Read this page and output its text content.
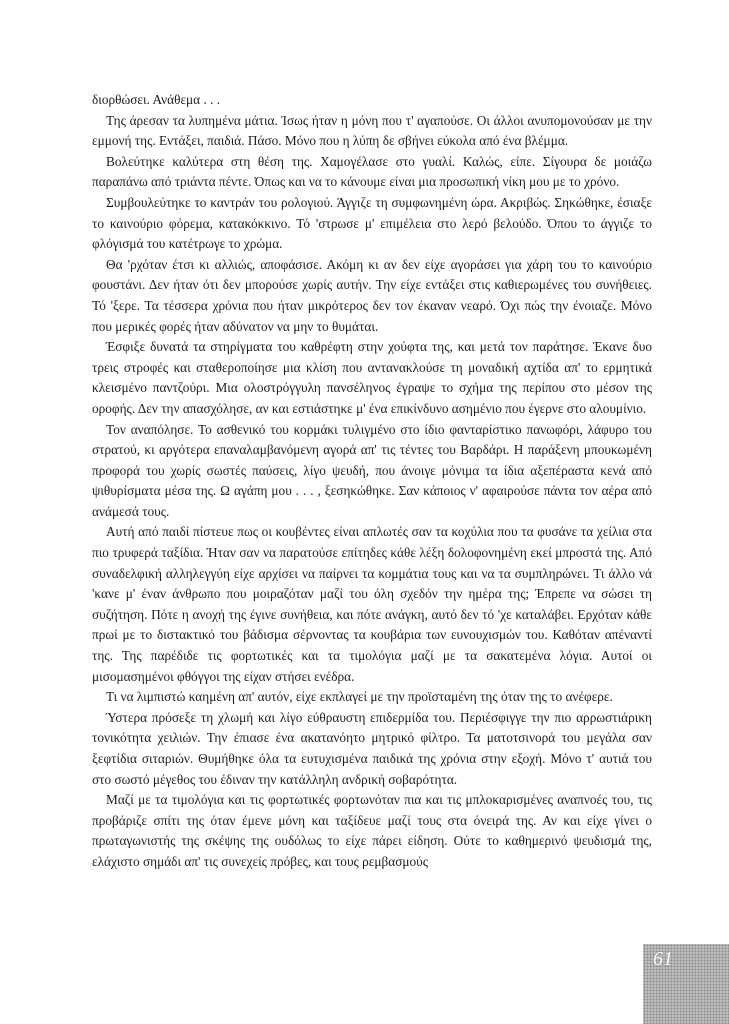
διορθώσει. Ανάθεμα . . .

Της άρεσαν τα λυπημένα μάτια. Ίσως ήταν η μόνη που τ' αγαπούσε. Οι άλλοι ανυπομονούσαν με την εμμονή της. Εντάξει, παιδιά. Πάσο. Μόνο που η λύπη δε σβήνει εύκολα από ένα βλέμμα.

Βολεύτηκε καλύτερα στη θέση της. Χαμογέλασε στο γυαλί. Καλώς, είπε. Σίγουρα δε μοιάζω παραπάνω από τριάντα πέντε. Όπως και να το κάνουμε είναι μια προσωπική νίκη μου με το χρόνο.

Συμβουλεύτηκε το καντράν του ρολογιού. Άγγιζε τη συμφωνημένη ώρα. Ακριβώς. Σηκώθηκε, έσιαξε το καινούριο φόρεμα, κατακόκκινο. Τό 'στρωσε μ' επιμέλεια στο λερό βελούδο. Όπου το άγγιζε το φλόγισμά του κατέτρωγε το χρώμα.

Θα 'ρχόταν έτσι κι αλλιώς, αποφάσισε. Ακόμη κι αν δεν είχε αγοράσει για χάρη του το καινούριο φουστάνι. Δεν ήταν ότι δεν μπορούσε χωρίς αυτήν. Την είχε εντάξει στις καθιερωμένες του συνήθειες. Τό 'ξερε. Τα τέσσερα χρόνια που ήταν μικρότερος δεν τον έκαναν νεαρό. Όχι πώς την ένοιαζε. Μόνο που μερικές φορές ήταν αδύνατον να μην το θυμάται.

Έσφιξε δυνατά τα στηρίγματα του καθρέφτη στην χούφτα της, και μετά τον παράτησε. Έκανε δυο τρεις στροφές και σταθεροποίησε μια κλίση που αντανακλούσε τη μοναδική αχτίδα απ' το ερμητικά κλεισμένο παντζούρι. Μια ολοστρόγγυλη πανσέληνος έγραψε το σχήμα της περίπου στο μέσον της οροφής. Δεν την απασχόλησε, αν και εστιάστηκε μ' ένα επικίνδυνο ασημένιο που έγερνε στο αλουμίνιο.

Τον αναπόλησε. Το ασθενικό του κορμάκι τυλιγμένο στο ίδιο φανταρίστικο πανωφόρι, λάφυρο του στρατού, κι αργότερα επαναλαμβανόμενη αγορά απ' τις τέντες του Βαρδάρι. Η παράξενη μπουκωμένη προφορά του χωρίς σωστές παύσεις, λίγο ψευδή, που άνοιγε μόνιμα τα ίδια αξεπέραστα κενά από ψιθυρίσματα μέσα της. Ω αγάπη μου . . . , ξεσηκώθηκε. Σαν κάποιος ν' αφαιρούσε πάντα τον αέρα από ανάμεσά τους.

Αυτή από παιδί πίστευε πως οι κουβέντες είναι απλωτές σαν τα κοχύλια που τα φυσάνε τα χείλια στα πιο τρυφερά ταξίδια. Ήταν σαν να παρατούσε επίτηδες κάθε λέξη δολοφονημένη εκεί μπροστά της. Από συναδελφική αλληλεγγύη είχε αρχίσει να παίρνει τα κομμάτια τους και να τα συμπληρώνει. Τι άλλο νά 'κανε μ' έναν άνθρωπο που μοιραζόταν μαζί του όλη σχεδόν την ημέρα της; Έπρεπε να σώσει τη συζήτηση. Πότε η ανοχή της έγινε συνήθεια, και πότε ανάγκη, αυτό δεν τό 'χε καταλάβει. Ερχόταν κάθε πρωί με το διστακτικό του βάδισμα σέρνοντας τα κουβάρια των ευνουχισμών του. Καθόταν απέναντί της. Της παρέδιδε τις φορτωτικές και τα τιμολόγια μαζί με τα σακατεμένα λόγια. Αυτοί οι μισομασημένοι φθόγγοι της είχαν στήσει ενέδρα.

Τι να λιμπιστώ καημένη απ' αυτόν, είχε εκπλαγεί με την προϊσταμένη της όταν της το ανέφερε.

Ύστερα πρόσεξε τη χλωμή και λίγο εύθραυστη επιδερμίδα του. Περιέσφιγγε την πιο αρρωστιάρικη τονικότητα χειλιών. Την έπιασε ένα ακατανόητο μητρικό φίλτρο. Τα ματοτσινορά του μεγάλα σαν ξεφτίδια σιταριών. Θυμήθηκε όλα τα ευτυχισμένα παιδικά της χρόνια στην εξοχή. Μόνο τ' αυτιά του στο σωστό μέγεθος του έδιναν την κατάλληλη ανδρική σοβαρότητα.

Μαζί με τα τιμολόγια και τις φορτωτικές φορτωνόταν πια και τις μπλοκαρισμένες αναπνοές του, τις προβάριζε σπίτι της όταν έμενε μόνη και ταξίδευε μαζί τους στα όνειρά της. Αν και είχε γίνει ο πρωταγωνιστής της σκέψης της ουδόλως το είχε πάρει είδηση. Ούτε το καθημερινό ψευδισμά της, ελάχιστο σημάδι απ' τις συνεχείς πρόβες, και τους ρεμβασμούς

61
